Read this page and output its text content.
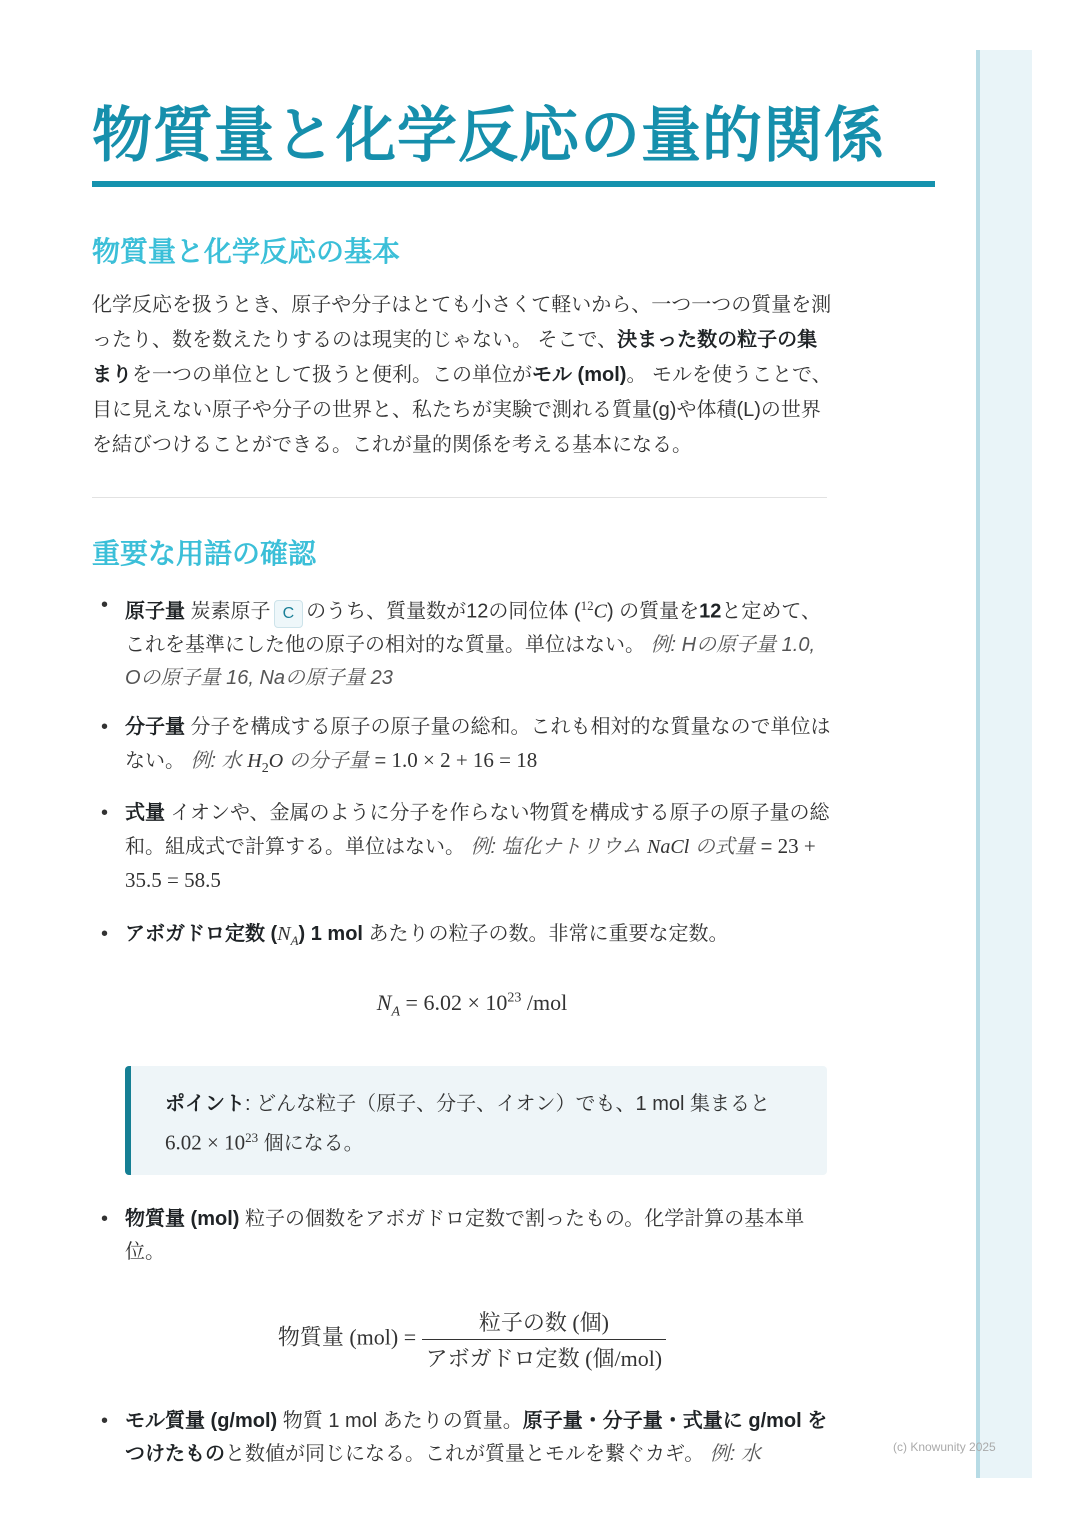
物質量と化学反応の量的関係
物質量と化学反応の基本
化学反応を扱うとき、原子や分子はとても小さくて軽いから、一つ一つの質量を測ったり、数を数えたりするのは現実的じゃない。 そこで、決まった数の粒子の集まりを一つの単位として扱うと便利。この単位がモル (mol)。 モルを使うことで、目に見えない原子や分子の世界と、私たちが実験で測れる質量(g)や体積(L)の世界を結びつけることができる。これが量的関係を考える基本になる。
重要な用語の確認
• 原子量 炭素原子 C のうち、質量数が12の同位体 ($^{12}$C) の質量を12と定めて、これを基準にした他の原子の相対的な質量。単位はない。 例: Hの原子量 1.0, Oの原子量 16, Naの原子量 23
• 分子量 分子を構成する原子の原子量の総和。これも相対的な質量なので単位はない。 例: 水 $H_2O$ の分子量 = 1.0 × 2 + 16 = 18
• 式量 イオンや、金属のように分子を作らない物質を構成する原子の原子量の総和。組成式で計算する。単位はない。 例: 塩化ナトリウム NaCl の式量 = 23 + 35.5 = 58.5
• アボガドロ定数 $(N_A)$ 1 mol あたりの粒子の数。非常に重要な定数。
$N_A = 6.02 \times 10^{23}$ /mol
ポイント: どんな粒子（原子、分子、イオン）でも、1 mol 集まると
$6.02 \times 10^{23}$ 個になる。
• 物質量 (mol) 粒子の個数をアボガドロ定数で割ったもの。化学計算の基本単位。
物質量 $(mol) = \frac{\text{粒子の数 (個)}}{\text{アボガドロ定数 (個/mol)}}$
• モル質量 (g/mol) 物質 1 mol あたりの質量。原子量・分子量・式量に g/mol をつけたものと数値が同じになる。これが質量とモルを繋ぐカギ。 例: 水	(c) Knowunity 2025
